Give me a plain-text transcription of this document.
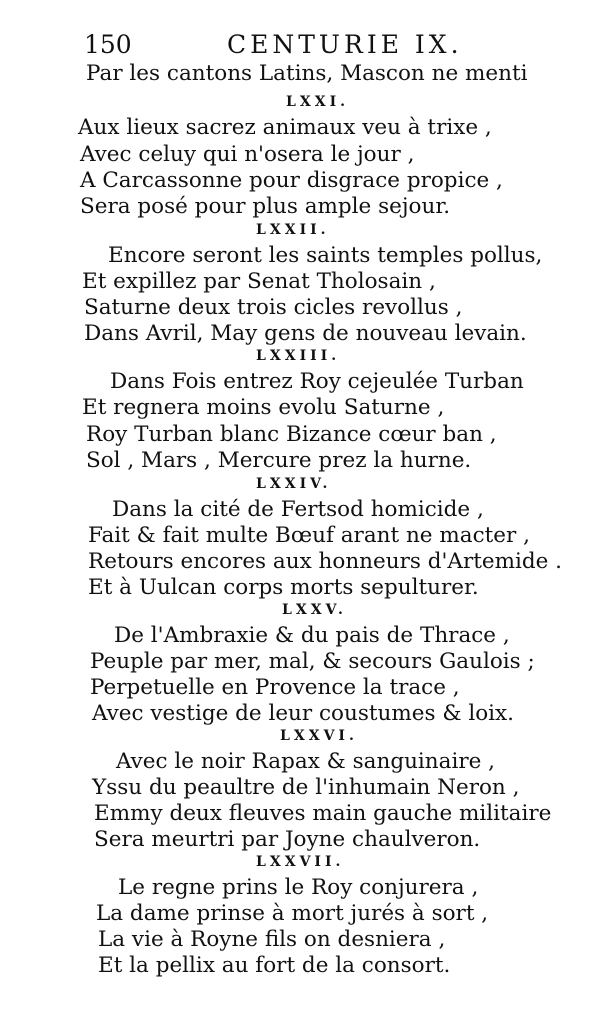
150	CENTURIE IX.
Par les cantons Latins, Mascon ne menti
LXXI.
Aux lieux sacrez animaux veu à trixe ,
Avec celuy qui n'osera le jour ,
A Carcassonne pour disgrace propice ,
Sera posé pour plus ample sejour.
LXXII.
Encore seront les saints temples pollus,
Et expillez par Senat Tholosain ,
Saturne deux trois cicles revollus ,
Dans Avril, May gens de nouveau levain.
LXXIII.
Dans Fois entrez Roy cejeulée Turban
Et regnera moins evolu Saturne ,
Roy Turban blanc Bizance cœur ban ,
Sol , Mars , Mercure prez la hurne.
LXXIV.
Dans la cité de Fertsod homicide ,
Fait & fait multe Bœuf arant ne macter ,
Retours encores aux honneurs d'Artemide .
Et à Uulcan corps morts sepulturer.
LXXV.
De l'Ambraxie & du pais de Thrace ,
Peuple par mer, mal, & secours Gaulois ;
Perpetuelle en Provence la trace ,
Avec vestige de leur coustumes & loix.
LXXVI.
Avec le noir Rapax & sanguinaire ,
Yssu du peaultre de l'inhumain Neron ,
Emmy deux fleuves main gauche militaire
Sera meurtri par Joyne chaulveron.
LXXVII.
Le regne prins le Roy conjurera ,
La dame prinse à mort jurés à sort ,
La vie à Royne fils on desniera ,
Et la pellix au fort de la consort.
